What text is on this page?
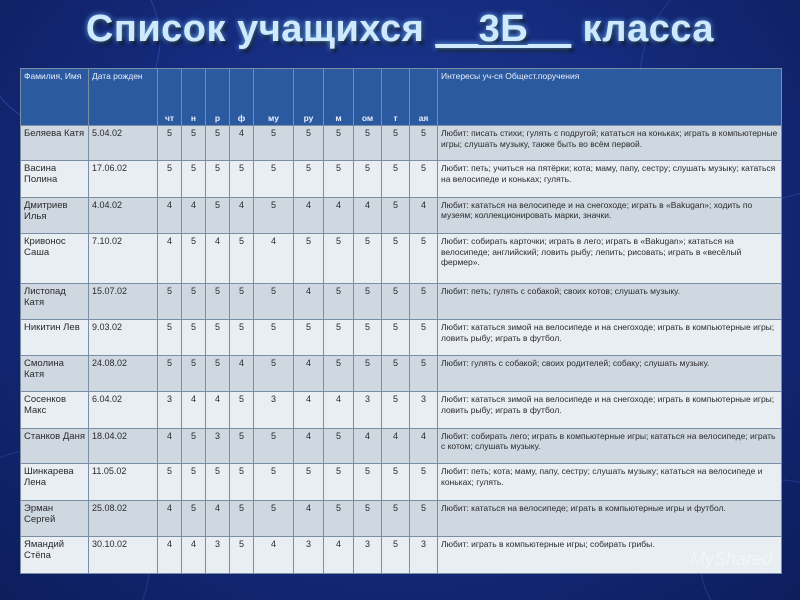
Список учащихся __3Б__ класса
Фамилия, Имя	Дата рожден	чт	н	р	ф	му	ру	м	ом	т	ая	Интересы уч-ся Общест.поручения
Беляева Катя	5.04.02	5	5	5	4	5	5	5	5	5	5	Любит: писать стихи; гулять с подругой; кататься на коньках; играть в компьютерные игры; слушать музыку, также быть во всём первой.
Васина Полина	17.06.02	5	5	5	5	5	5	5	5	5	5	Любит: петь; учиться на пятёрки; кота; маму, папу, сестру; слушать музыку; кататься на велосипеде и коньках; гулять.
Дмитриев Илья	4.04.02	4	4	5	4	5	4	4	4	5	4	Любит: кататься на велосипеде и на снегоходе; играть в «Bakugan»; ходить по музеям; коллекционировать марки, значки.
Кривонос Саша	7.10.02	4	5	4	5	4	5	5	5	5	5	Любит: собирать карточки; играть в лего; играть в «Bakugan»; кататься на велосипеде; английский; ловить рыбу; лепить; рисовать; играть в «весёлый фермер».
Листопад Катя	15.07.02	5	5	5	5	5	4	5	5	5	5	Любит: петь; гулять с собакой; своих котов; слушать музыку.
Никитин Лев	9.03.02	5	5	5	5	5	5	5	5	5	5	Любит: кататься зимой на велосипеде и на снегоходе; играть в компьютерные игры; ловить рыбу; играть в футбол.
Смолина Катя	24.08.02	5	5	5	4	5	4	5	5	5	5	Любит: гулять с собакой; своих родителей; собаку; слушать музыку.
Сосенков Макс	6.04.02	3	4	4	5	3	4	4	3	5	3	Любит: кататься зимой на велосипеде и на снегоходе; играть в компьютерные игры; ловить рыбу; играть в футбол.
Станков Даня	18.04.02	4	5	3	5	5	4	5	4	4	4	Любит: собирать лего; играть в компьютерные игры; кататься на велосипеде; играть с котом; слушать музыку.
Шинкарева Лена	11.05.02	5	5	5	5	5	5	5	5	5	5	Любит: петь; кота; маму, папу, сестру; слушать музыку; кататься на велосипеде и коньках; гулять.
Эрман Сергей	25.08.02	4	5	4	5	5	4	5	5	5	5	Любит: кататься на велосипеде; играть в компьютерные игры и футбол.
Ямандий Стёпа	30.10.02	4	4	3	5	4	3	4	3	5	3	Любит: играть в компьютерные игры; собирать грибы.
MyShared
